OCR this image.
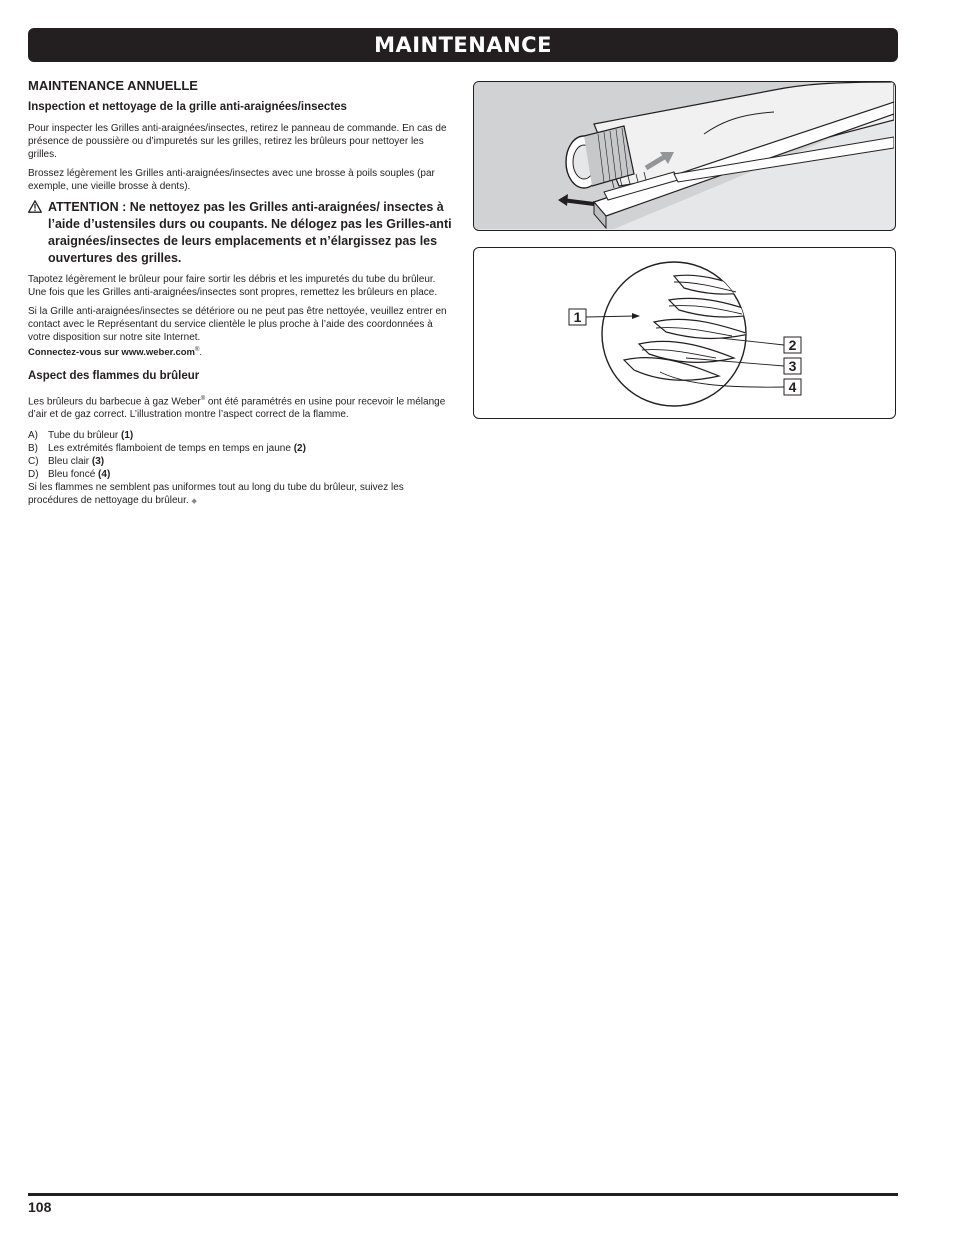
MAINTENANCE
MAINTENANCE ANNUELLE
Inspection et nettoyage de la grille anti-araignées/insectes

Pour inspecter les Grilles anti-araignées/insectes, retirez le panneau de commande. En cas de présence de poussière ou d’impuretés sur les grilles, retirez les brûleurs pour nettoyer les grilles.

Brossez légèrement les Grilles anti-araignées/insectes avec une brosse à poils souples (par exemple, une vieille brosse à dents).

ATTENTION : Ne nettoyez pas les Grilles anti-araignées/ insectes à l’aide d’ustensiles durs ou coupants. Ne délogez pas les Grilles-anti araignées/insectes de leurs emplacements et n’élargissez pas les ouvertures des grilles.

Tapotez légèrement le brûleur pour faire sortir les débris et les impuretés du tube du brûleur. Une fois que les Grilles anti-araignées/insectes sont propres, remettez les brûleurs en place.

Si la Grille anti-araignées/insectes se détériore ou ne peut pas être nettoyée, veuillez entrer en contact avec le Représentant du service clientèle le plus proche à l’aide des coordonnées à votre disposition sur notre site Internet.

Connectez-vous sur www.weber.com®.

Aspect des flammes du brûleur

Les brûleurs du barbecue à gaz Weber® ont été paramétrés en usine pour recevoir le mélange d’air et de gaz correct. L’illustration montre l’aspect correct de la flamme.

A)	Tube du brûleur (1)
B)	Les extrémités flamboient de temps en temps en jaune (2)
C) Bleu clair (3)
D) Bleu foncé (4)

Si les flammes ne semblent pas uniformes tout au long du tube du brûleur, suivez les procédures de nettoyage du brûleur. ◆

1
2
3
4
108
